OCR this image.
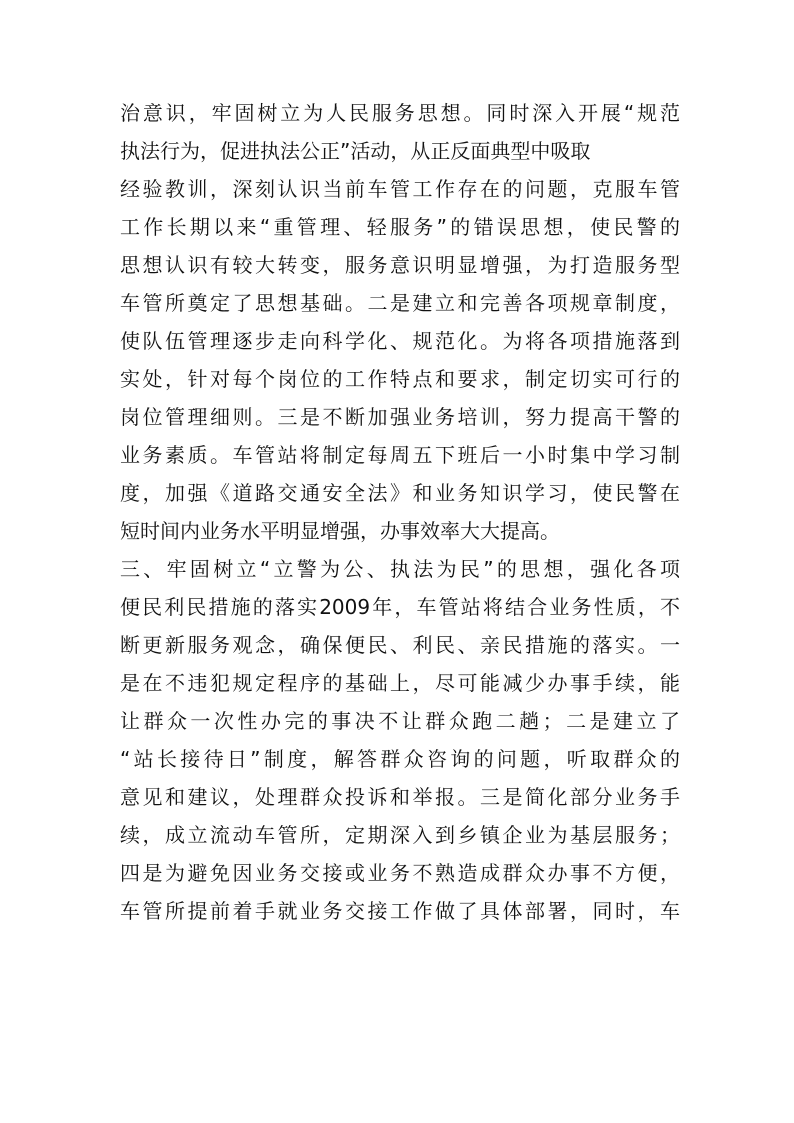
治意识，牢固树立为人民服务思想。同时深入开展“规范
执法行为，促进执法公正”活动，从正反面典型中吸取
经验教训，深刻认识当前车管工作存在的问题，克服车管
工作长期以来“重管理、轻服务”的错误思想，使民警的
思想认识有较大转变，服务意识明显增强，为打造服务型
车管所奠定了思想基础。二是建立和完善各项规章制度，
使队伍管理逐步走向科学化、规范化。为将各项措施落到
实处，针对每个岗位的工作特点和要求，制定切实可行的
岗位管理细则。三是不断加强业务培训，努力提高干警的
业务素质。车管站将制定每周五下班后一小时集中学习制
度，加强《道路交通安全法》和业务知识学习，使民警在
短时间内业务水平明显增强，办事效率大大提高。
三、牢固树立“立警为公、执法为民”的思想，强化各项
便民利民措施的落实2009年，车管站将结合业务性质，不
断更新服务观念，确保便民、利民、亲民措施的落实。一
是在不违犯规定程序的基础上，尽可能减少办事手续，能
让群众一次性办完的事决不让群众跑二趟；二是建立了
“站长接待日”制度，解答群众咨询的问题，听取群众的
意见和建议，处理群众投诉和举报。三是简化部分业务手
续，成立流动车管所，定期深入到乡镇企业为基层服务；
四是为避免因业务交接或业务不熟造成群众办事不方便，
车管所提前着手就业务交接工作做了具体部署，同时，车
